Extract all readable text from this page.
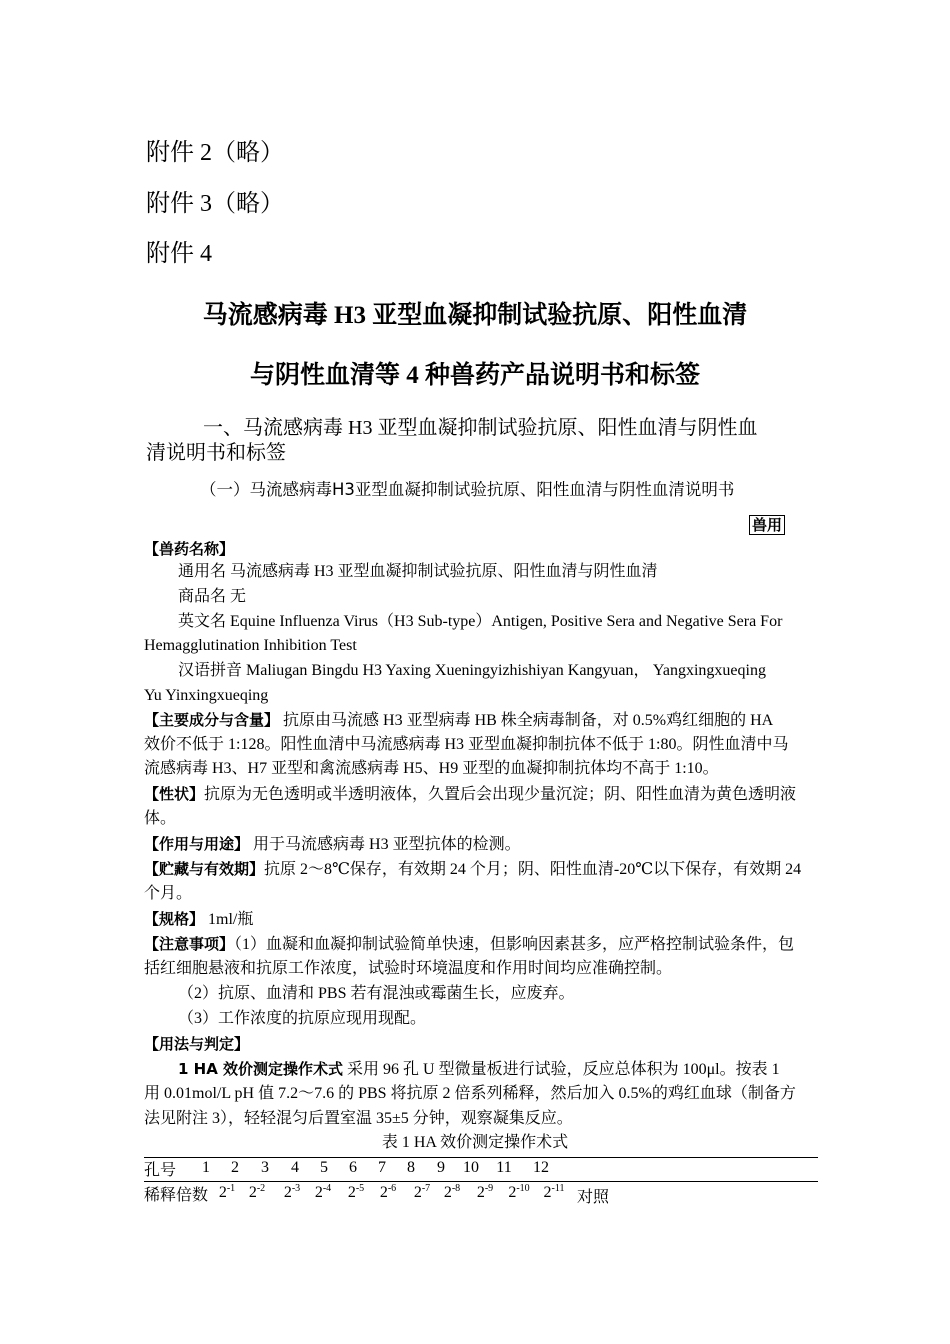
附件 2（略）
附件 3（略）
附件 4
马流感病毒 H3 亚型血凝抑制试验抗原、阳性血清
与阴性血清等 4 种兽药产品说明书和标签
一、马流感病毒 H3 亚型血凝抑制试验抗原、阳性血清与阴性血
清说明书和标签
（一）马流感病毒H3亚型血凝抑制试验抗原、阳性血清与阴性血清说明书
兽用
【兽药名称】
通用名 马流感病毒 H3 亚型血凝抑制试验抗原、阳性血清与阴性血清
商品名 无
英文名 Equine Influenza Virus（H3 Sub-type）Antigen, Positive Sera and Negative Sera For
Hemagglutination Inhibition Test
汉语拼音 Maliugan Bingdu H3 Yaxing Xueningyizhishiyan Kangyuan， Yangxingxueqing
Yu Yinxingxueqing
【主要成分与含量】 抗原由马流感 H3 亚型病毒 HB 株全病毒制备，对 0.5%鸡红细胞的 HA
效价不低于 1:128。阳性血清中马流感病毒 H3 亚型血凝抑制抗体不低于 1:80。阴性血清中马
流感病毒 H3、H7 亚型和禽流感病毒 H5、H9 亚型的血凝抑制抗体均不高于 1:10。
【性状】抗原为无色透明或半透明液体，久置后会出现少量沉淀；阴、阳性血清为黄色透明液
体。
【作用与用途】 用于马流感病毒 H3 亚型抗体的检测。
【贮藏与有效期】抗原 2～8℃保存，有效期 24 个月；阴、阳性血清-20℃以下保存，有效期 24
个月。
【规格】 1ml/瓶
【注意事项】（1）血凝和血凝抑制试验简单快速，但影响因素甚多，应严格控制试验条件，包
括红细胞悬液和抗原工作浓度，试验时环境温度和作用时间均应准确控制。
（2）抗原、血清和 PBS 若有混浊或霉菌生长，应废弃。
（3）工作浓度的抗原应现用现配。
【用法与判定】
1 HA 效价测定操作术式 采用 96 孔 U 型微量板进行试验，反应总体积为 100μl。按表 1
用 0.01mol/L pH 值 7.2～7.6 的 PBS 将抗原 2 倍系列稀释，然后加入 0.5%的鸡红血球（制备方
法见附注 3），轻轻混匀后置室温 35±5 分钟，观察凝集反应。
表 1 HA 效价测定操作术式
孔号 1 2 3 4 5 6 7 8 9 10 11 12
稀释倍数 $2^{-1}$ $2^{-2}$ $2^{-3}$ $2^{-4}$ $2^{-5}$ $2^{-6}$ $2^{-7}$ $2^{-8}$ $2^{-9}$ $2^{-10}$ $2^{-11}$
对照
